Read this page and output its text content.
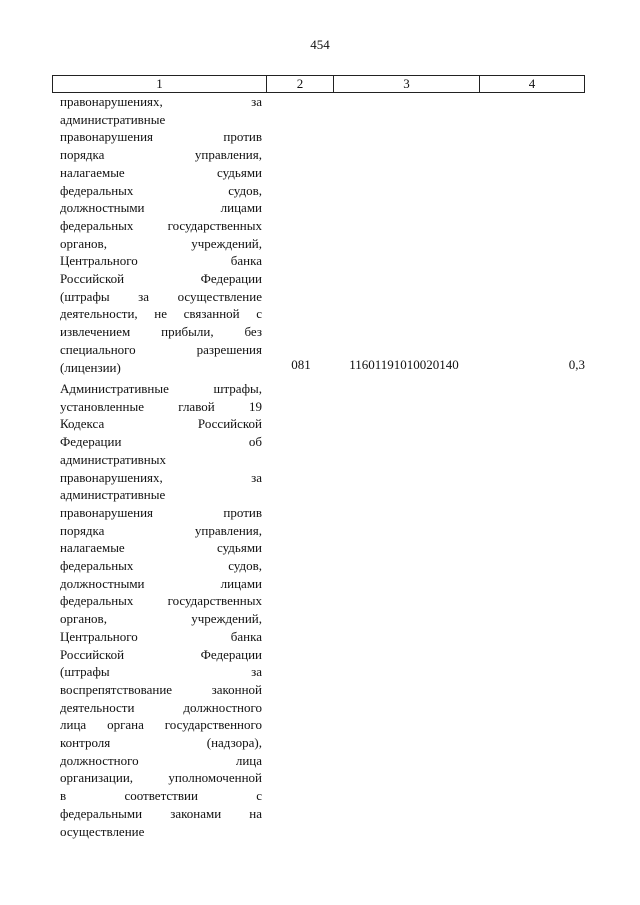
454
1	2	3	4
правонарушениях, за
административные
правонарушения против
порядка управления,
налагаемые судьями
федеральных судов,
должностными лицами
федеральных государственных
органов, учреждений,
Центрального банка
Российской Федерации
(штрафы за осуществление
деятельности, не связанной с
извлечением прибыли, без
специального разрешения
(лицензии)	081	11601191010020140	0,3
Административные штрафы,
установленные главой 19
Кодекса Российской
Федерации об
административных
правонарушениях, за
административные
правонарушения против
порядка управления,
налагаемые судьями
федеральных судов,
должностными лицами
федеральных государственных
органов, учреждений,
Центрального банка
Российской Федерации
(штрафы за
воспрепятствование законной
деятельности должностного
лица органа государственного
контроля (надзора),
должностного лица
организации, уполномоченной
в соответствии с
федеральными законами на
осуществление
